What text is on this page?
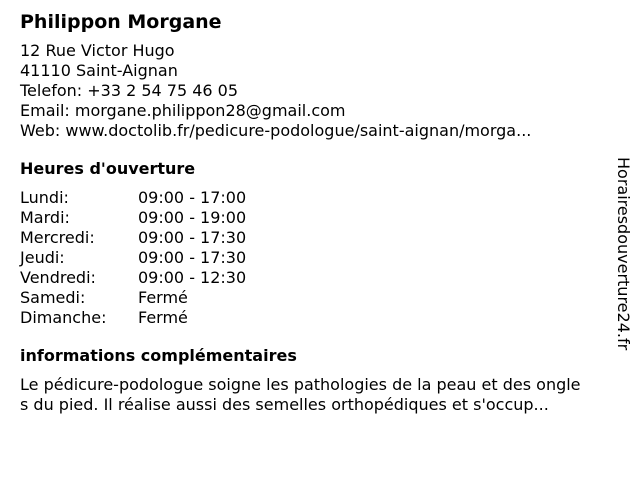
Philippon Morgane
12 Rue Victor Hugo
41110 Saint-Aignan
Telefon: +33 2 54 75 46 05
Email: morgane.philippon28@gmail.com
Web: www.doctolib.fr/pedicure-podologue/saint-aignan/morga...
Heures d'ouverture
Lundi:	09:00 - 17:00
Mardi:	09:00 - 19:00
Mercredi:	09:00 - 17:30
Jeudi:	09:00 - 17:30
Vendredi:	09:00 - 12:30
Samedi:	Fermé
Dimanche:	Fermé
informations complémentaires
Le pédicure-podologue soigne les pathologies de la peau et des ongle
s du pied. Il réalise aussi des semelles orthopédiques et s'occup...
Horairesdouverture24.fr
